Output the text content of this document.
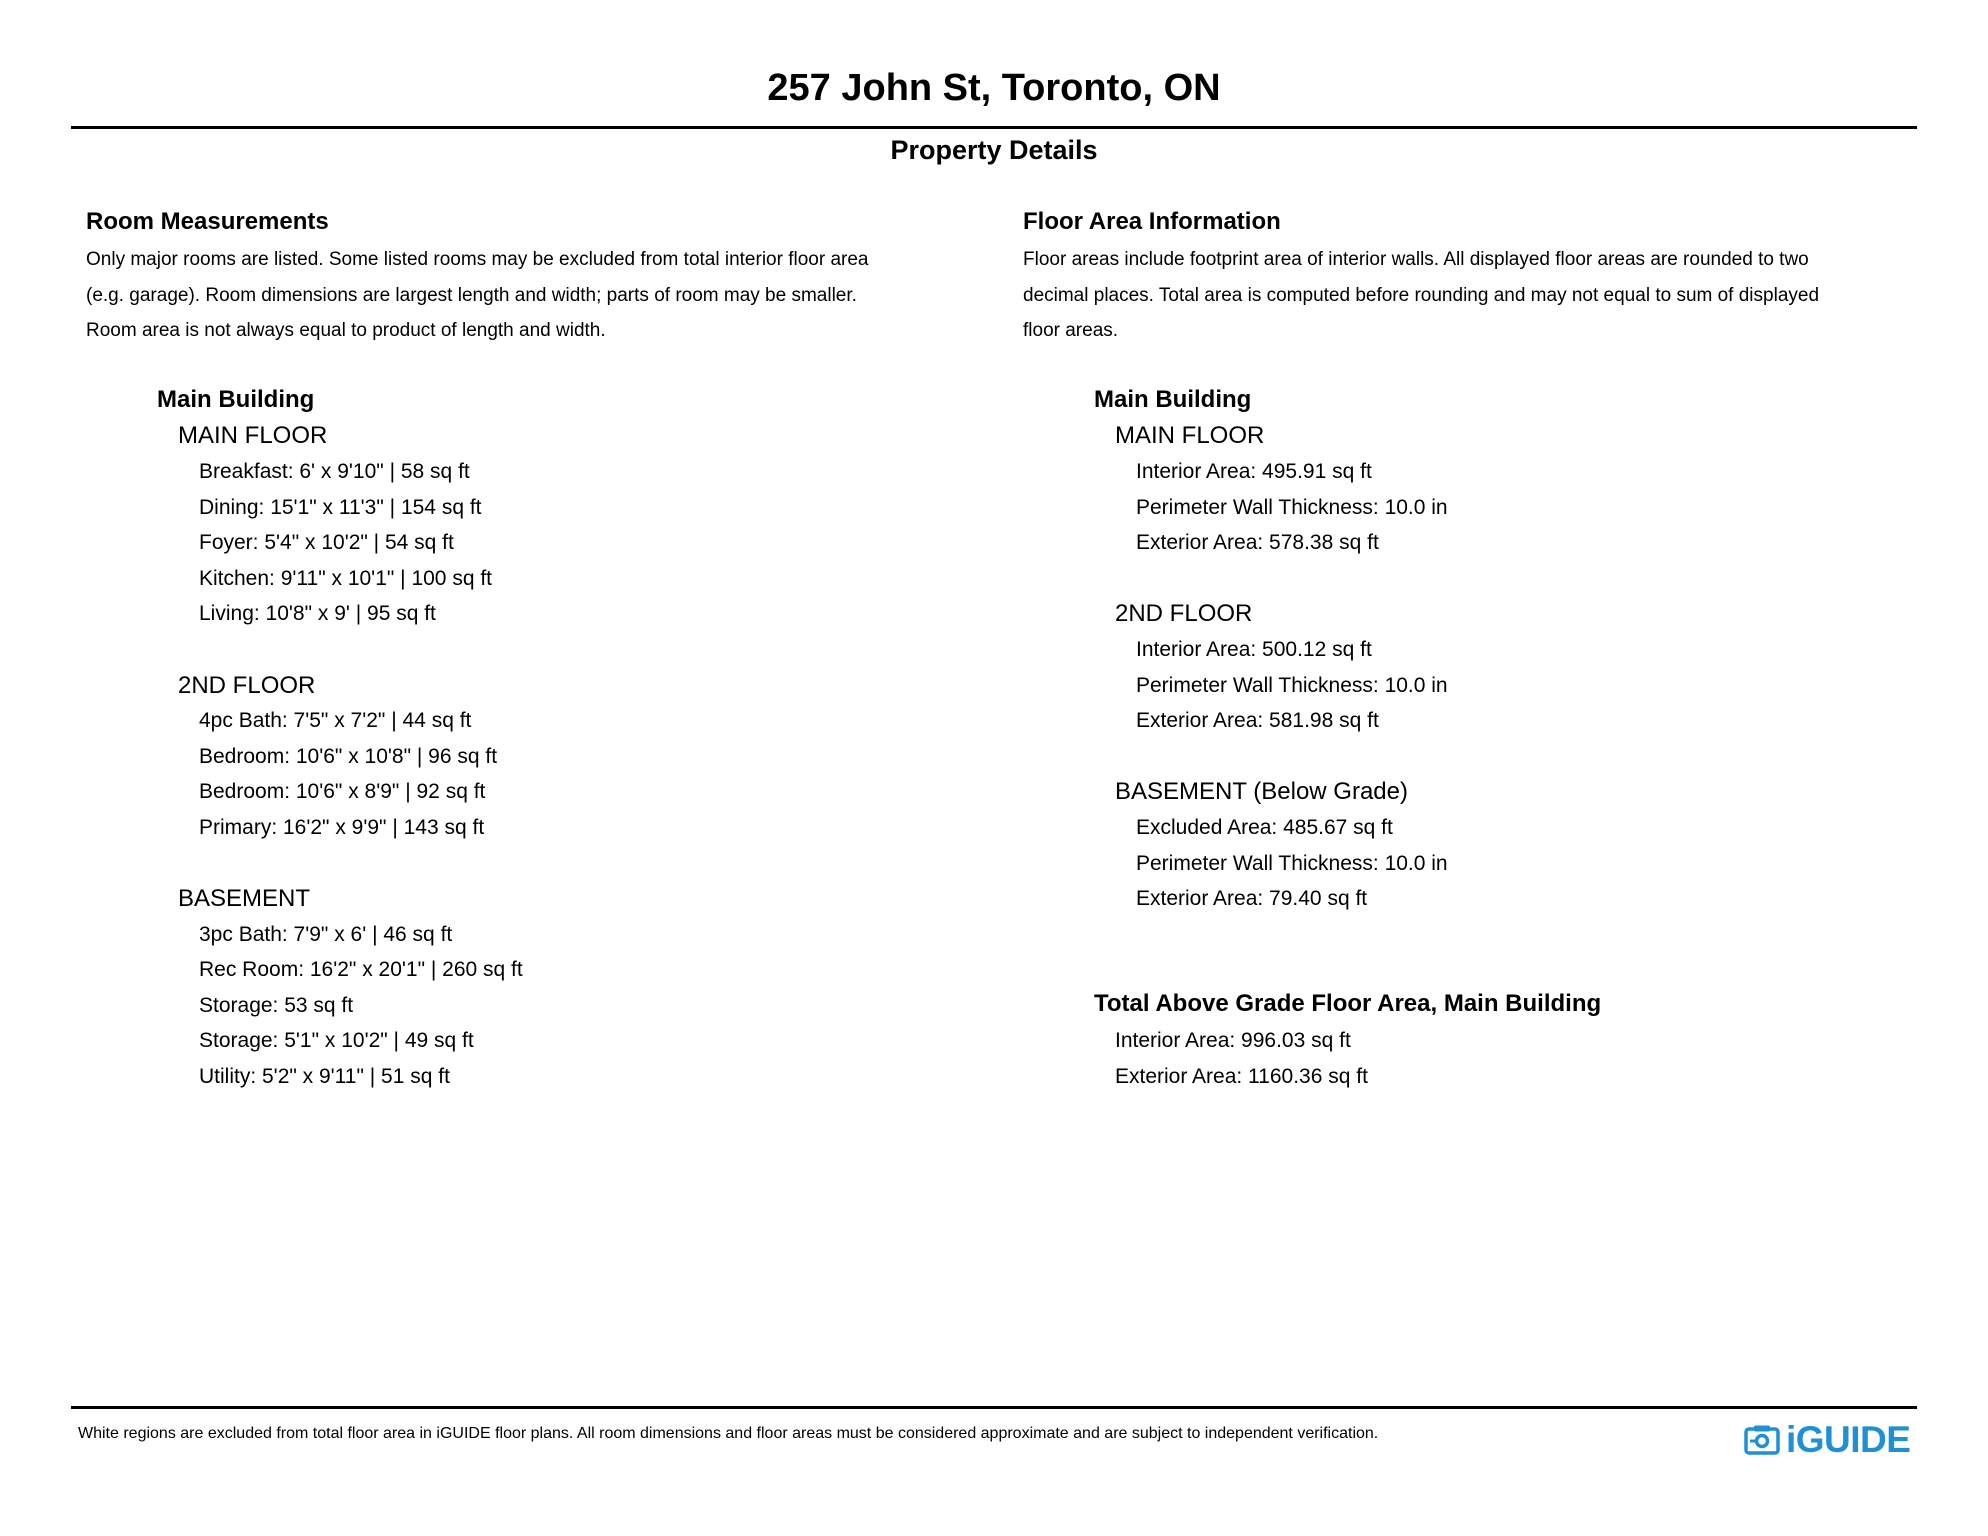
257 John St, Toronto, ON
Property Details
Room Measurements
Only major rooms are listed. Some listed rooms may be excluded from total interior floor area
(e.g. garage). Room dimensions are largest length and width; parts of room may be smaller.
Room area is not always equal to product of length and width.
Main Building
MAIN FLOOR
Breakfast: 6' x 9'10" | 58 sq ft
Dining: 15'1" x 11'3" | 154 sq ft
Foyer: 5'4" x 10'2" | 54 sq ft
Kitchen: 9'11" x 10'1" | 100 sq ft
Living: 10'8" x 9' | 95 sq ft
2ND FLOOR
4pc Bath: 7'5" x 7'2" | 44 sq ft
Bedroom: 10'6" x 10'8" | 96 sq ft
Bedroom: 10'6" x 8'9" | 92 sq ft
Primary: 16'2" x 9'9" | 143 sq ft
BASEMENT
3pc Bath: 7'9" x 6' | 46 sq ft
Rec Room: 16'2" x 20'1" | 260 sq ft
Storage: 53 sq ft
Storage: 5'1" x 10'2" | 49 sq ft
Utility: 5'2" x 9'11" | 51 sq ft
Floor Area Information
Floor areas include footprint area of interior walls. All displayed floor areas are rounded to two
decimal places. Total area is computed before rounding and may not equal to sum of displayed
floor areas.
Main Building
MAIN FLOOR
Interior Area: 495.91 sq ft
Perimeter Wall Thickness: 10.0 in
Exterior Area: 578.38 sq ft
2ND FLOOR
Interior Area: 500.12 sq ft
Perimeter Wall Thickness: 10.0 in
Exterior Area: 581.98 sq ft
BASEMENT (Below Grade)
Excluded Area: 485.67 sq ft
Perimeter Wall Thickness: 10.0 in
Exterior Area: 79.40 sq ft
Total Above Grade Floor Area, Main Building
Interior Area: 996.03 sq ft
Exterior Area: 1160.36 sq ft
White regions are excluded from total floor area in iGUIDE floor plans. All room dimensions and floor areas must be considered approximate and are subject to independent verification.	iGUIDE
